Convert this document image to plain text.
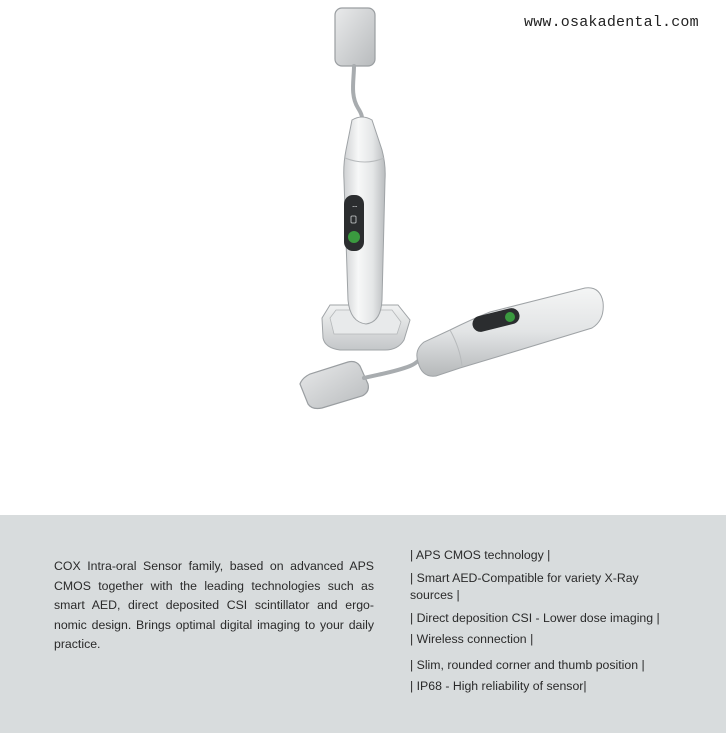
www.osakadental.com
⌔

COX Intra-oral Sensor family, based on advanced APS CMOS together with the leading technologies such as smart AED, direct deposited CSI scintillator and ergo-nomic design. Brings optimal digital imaging to your daily practice.

| APS CMOS technology |
| Smart AED-Compatible for variety X-Ray sources |
| Direct deposition CSI - Lower dose imaging |
| Wireless connection |
| Slim, rounded corner and thumb position |
| IP68 - High reliability of sensor|
